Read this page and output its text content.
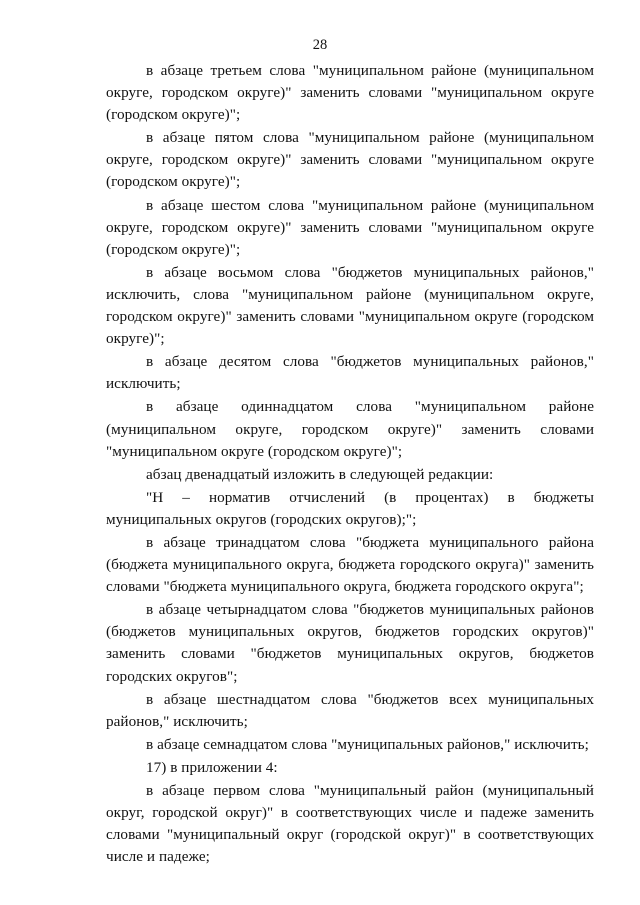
28

в абзаце третьем слова "муниципальном районе (муниципальном округе, городском округе)" заменить словами "муниципальном округе (городском округе)";

в абзаце пятом слова "муниципальном районе (муниципальном округе, городском округе)" заменить словами "муниципальном округе (городском округе)";

в абзаце шестом слова "муниципальном районе (муниципальном округе, городском округе)" заменить словами "муниципальном округе (городском округе)";

в абзаце восьмом слова "бюджетов муниципальных районов," исключить, слова "муниципальном районе (муниципальном округе, городском округе)" заменить словами "муниципальном округе (городском округе)";

в абзаце десятом слова "бюджетов муниципальных районов," исключить;

в абзаце одиннадцатом слова "муниципальном районе (муниципальном округе, городском округе)" заменить словами "муниципальном округе (городском округе)";

абзац двенадцатый изложить в следующей редакции:

"Н – норматив отчислений (в процентах) в бюджеты муниципальных округов (городских округов);";

в абзаце тринадцатом слова "бюджета муниципального района (бюджета муниципального округа, бюджета городского округа)" заменить словами "бюджета муниципального округа, бюджета городского округа";

в абзаце четырнадцатом слова "бюджетов муниципальных районов (бюджетов муниципальных округов, бюджетов городских округов)" заменить словами "бюджетов муниципальных округов, бюджетов городских округов";

в абзаце шестнадцатом слова "бюджетов всех муниципальных районов," исключить;

в абзаце семнадцатом слова "муниципальных районов," исключить;

17) в приложении 4:

в абзаце первом слова "муниципальный район (муниципальный округ, городской округ)" в соответствующих числе и падеже заменить словами "муниципальный округ (городской округ)" в соответствующих числе и падеже;
